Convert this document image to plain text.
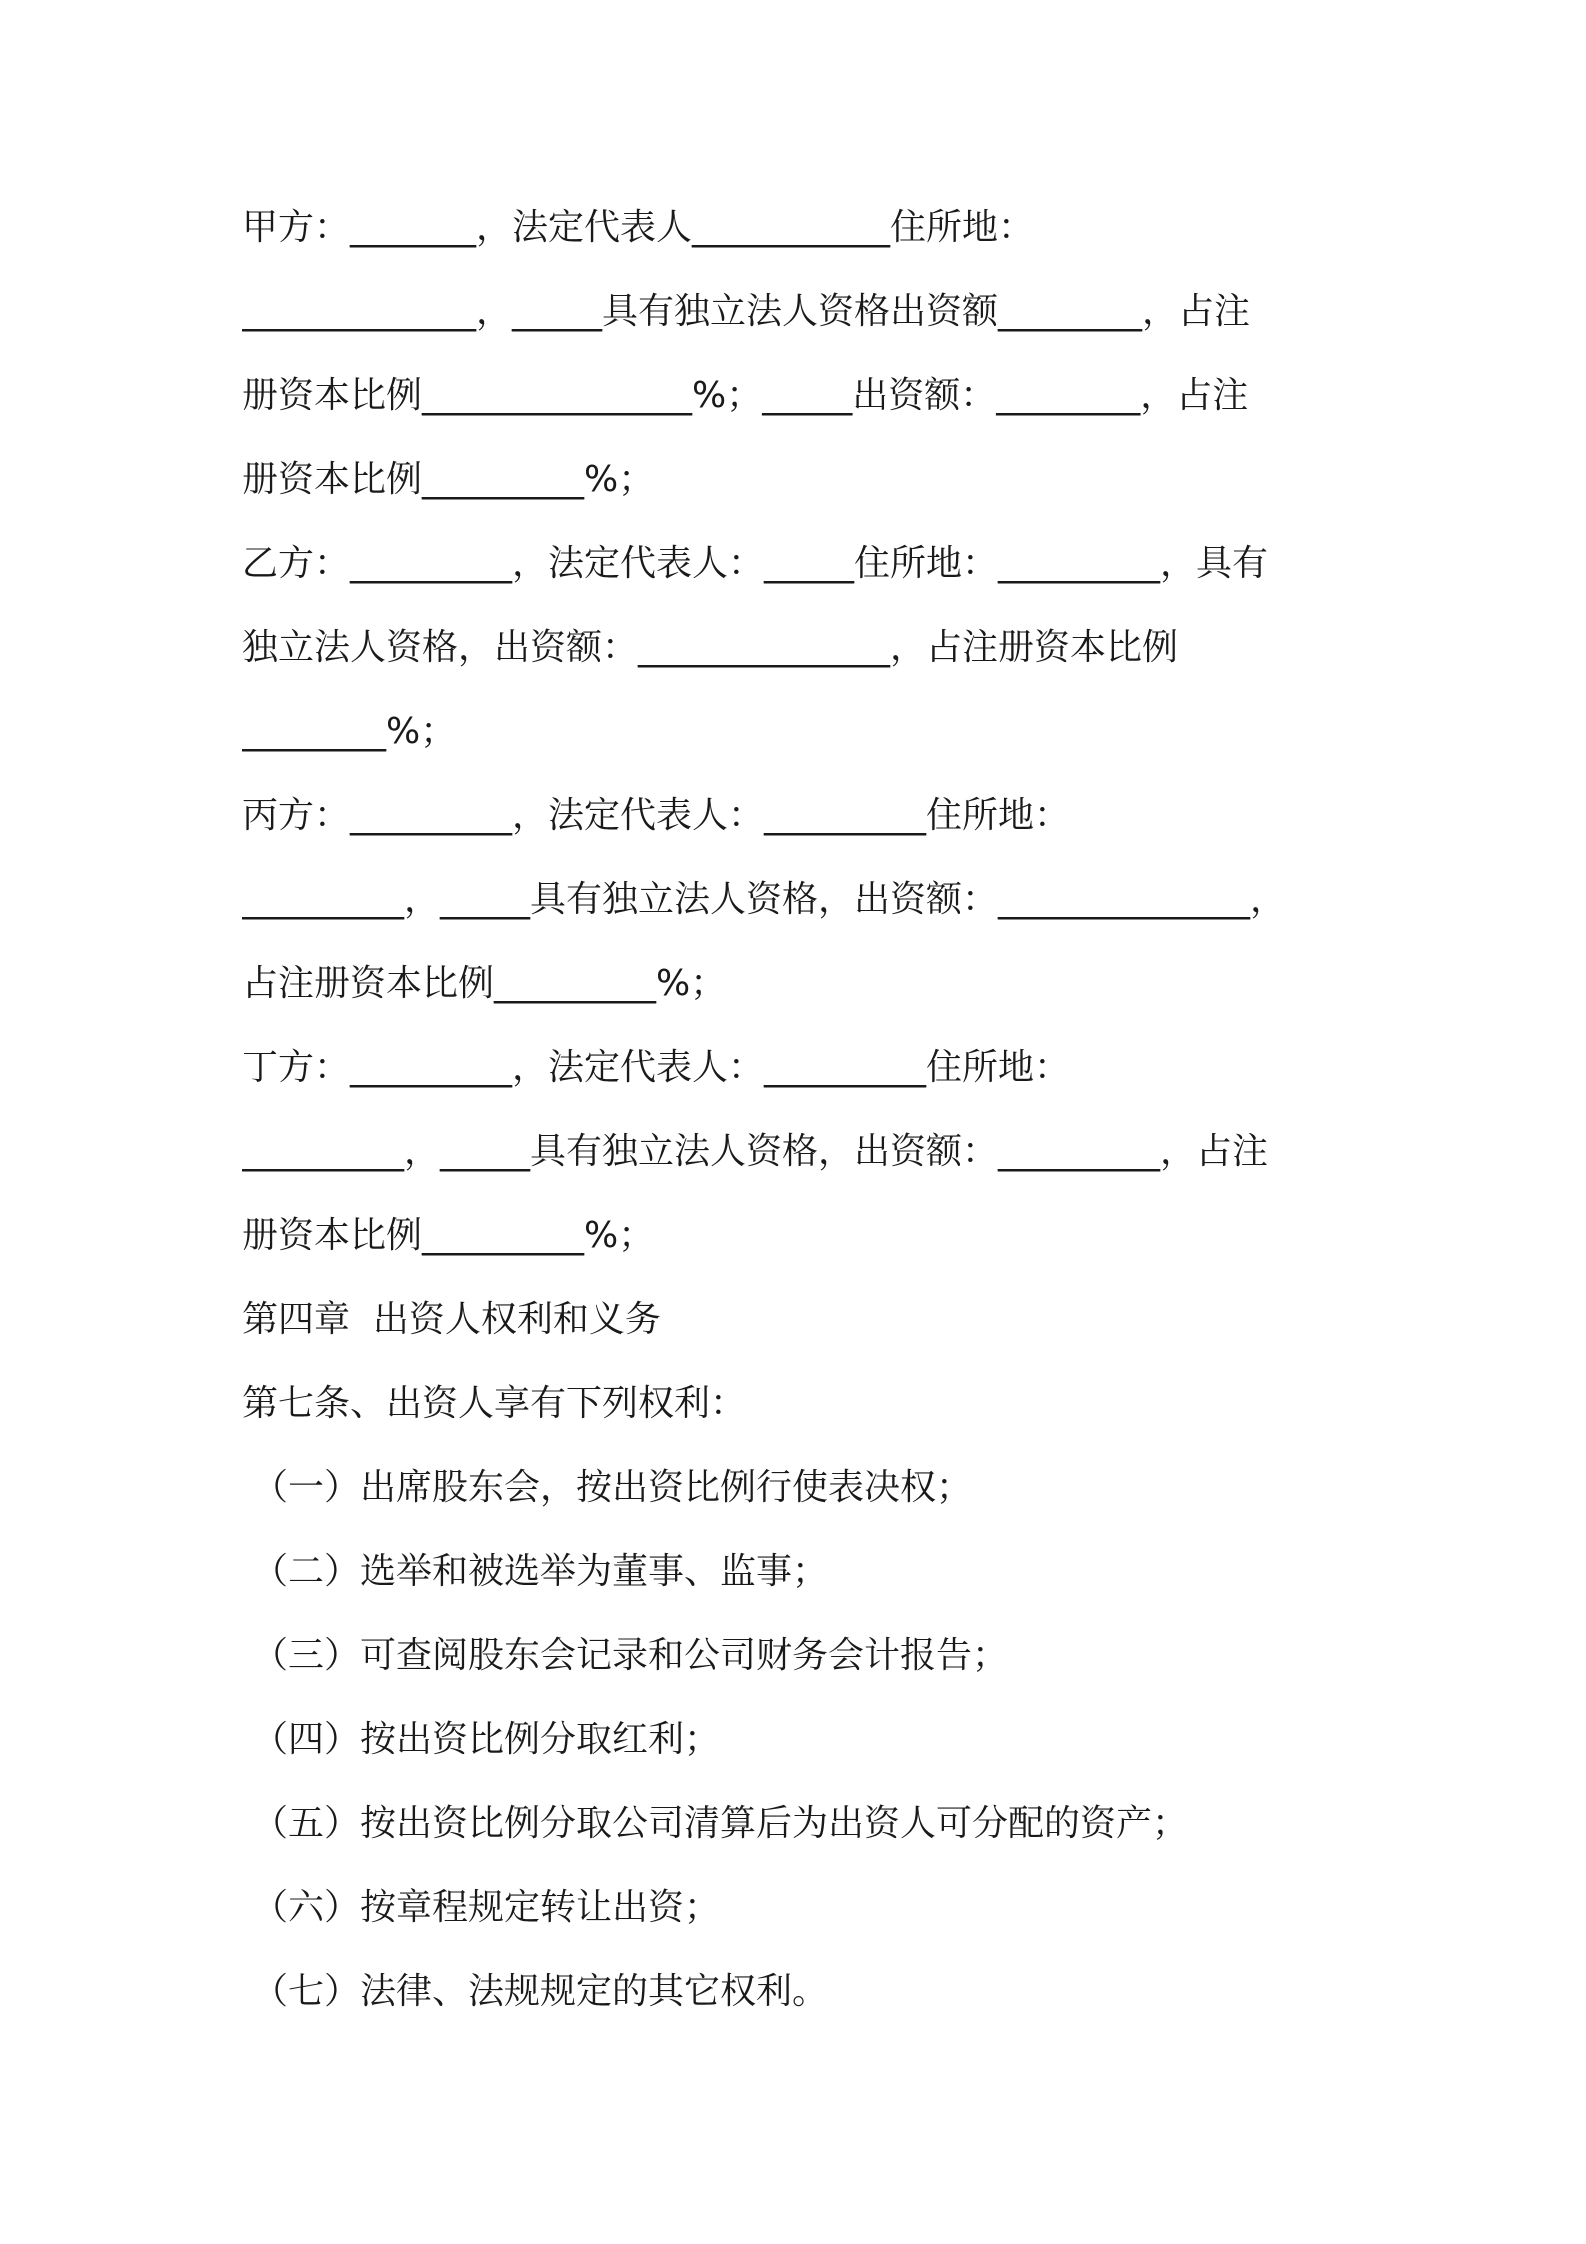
甲方：_______，法定代表人___________住所地：
_____________，_____具有独立法人资格出资额________，占注
册资本比例_______________%；_____出资额：________，占注
册资本比例_________%；
乙方：_________，法定代表人：_____住所地：_________，具有
独立法人资格，出资额：______________，占注册资本比例
________%；
丙方：_________，法定代表人：_________住所地：
_________，_____具有独立法人资格，出资额：______________，
占注册资本比例_________%；
丁方：_________，法定代表人：_________住所地：
_________，_____具有独立法人资格，出资额：_________，占注
册资本比例_________%；
第四章  出资人权利和义务
第七条、出资人享有下列权利：
（一）出席股东会，按出资比例行使表决权；
（二）选举和被选举为董事、监事；
（三）可查阅股东会记录和公司财务会计报告；
（四）按出资比例分取红利；
（五）按出资比例分取公司清算后为出资人可分配的资产；
（六）按章程规定转让出资；
（七）法律、法规规定的其它权利。
